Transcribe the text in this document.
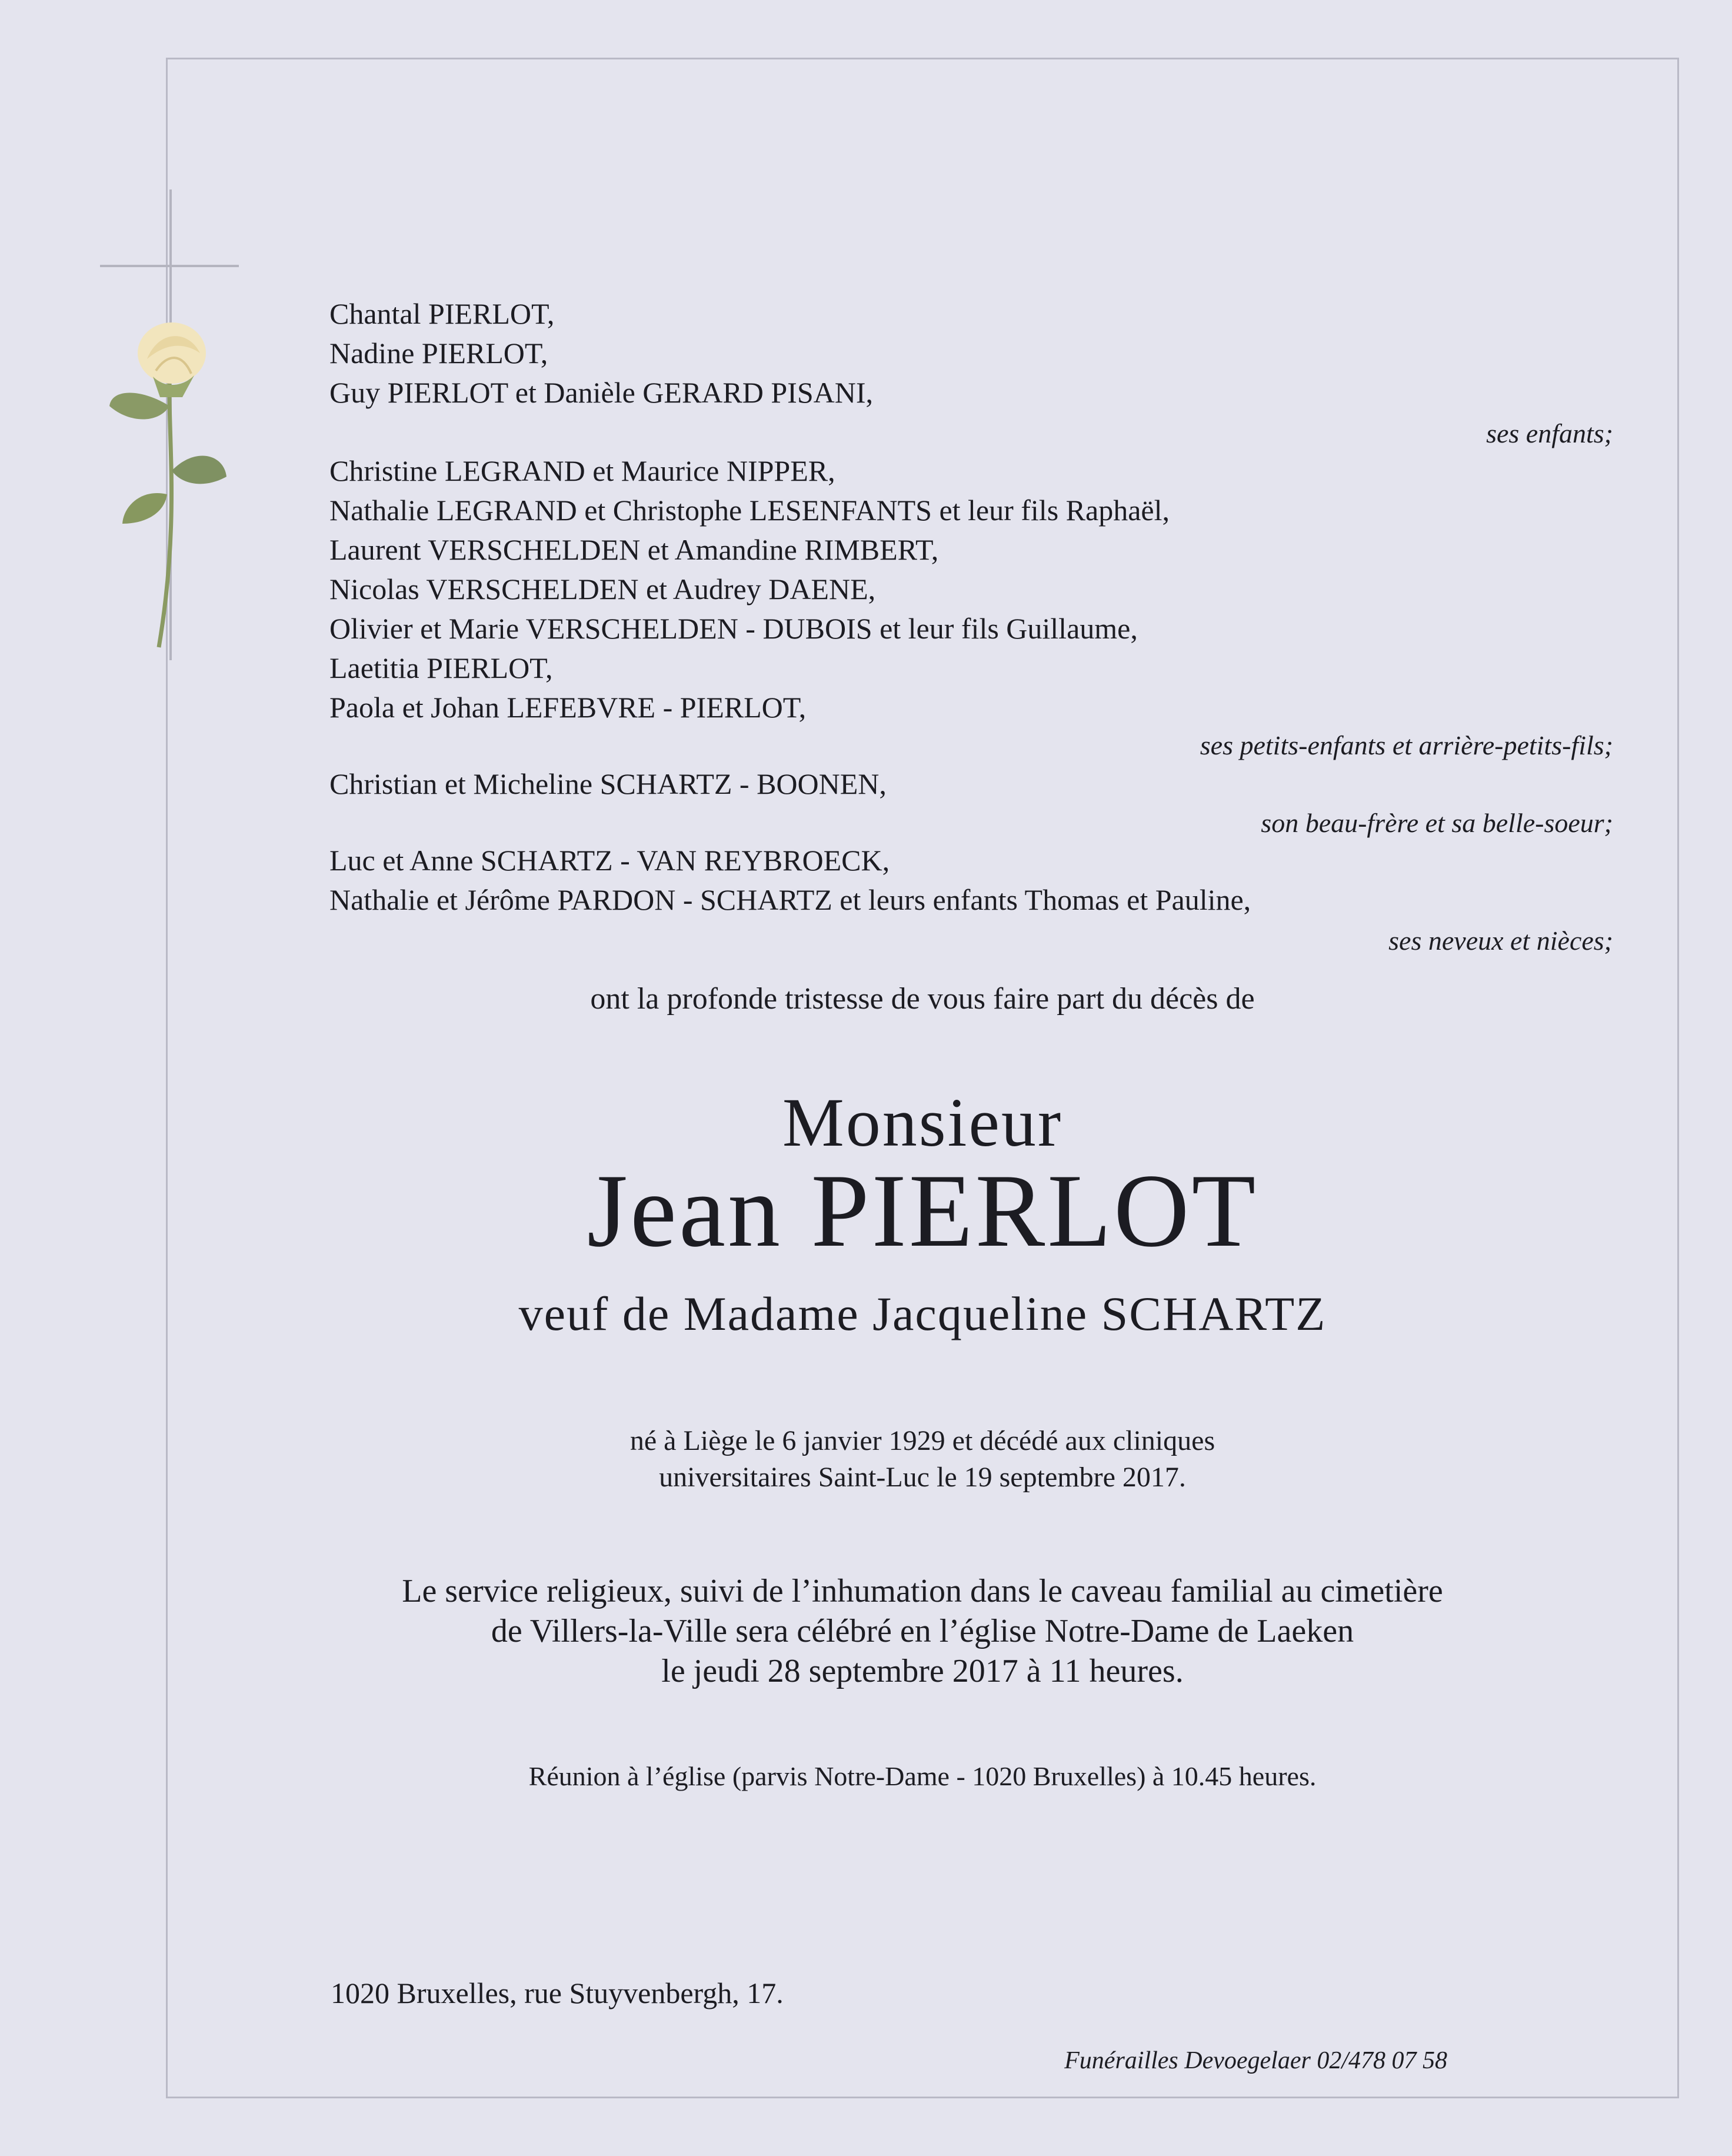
Chantal PIERLOT,

Nadine PIERLOT,

Guy PIERLOT et Danièle GERARD PISANI,

ses enfants;

Christine LEGRAND et Maurice NIPPER,

Nathalie LEGRAND et Christophe LESENFANTS et leur fils Raphaël,

Laurent VERSCHELDEN et Amandine RIMBERT,

Nicolas VERSCHELDEN et Audrey DAENE,

Olivier et Marie VERSCHELDEN - DUBOIS et leur fils Guillaume,

Laetitia PIERLOT,

Paola et Johan LEFEBVRE - PIERLOT,

ses petits-enfants et arrière-petits-fils;

Christian et Micheline SCHARTZ - BOONEN,

son beau-frère et sa belle-soeur;

Luc et Anne SCHARTZ - VAN REYBROECK,

Nathalie et Jérôme PARDON - SCHARTZ et leurs enfants Thomas et Pauline,

ses neveux et nièces;

ont la profonde tristesse de vous faire part du décès de

Monsieur

Jean PIERLOT

veuf de Madame Jacqueline SCHARTZ

né à Liège le 6 janvier 1929 et décédé aux cliniques
universitaires Saint-Luc le 19 septembre 2017.
Le service religieux, suivi de l’inhumation dans le caveau familial au cimetière
de Villers-la-Ville sera célébré en l’église Notre-Dame de Laeken
le jeudi 28 septembre 2017 à 11 heures.

Réunion à l’église (parvis Notre-Dame - 1020 Bruxelles) à 10.45 heures.

1020 Bruxelles, rue Stuyvenbergh, 17.

Funérailles Devoegelaer 02/478 07 58
